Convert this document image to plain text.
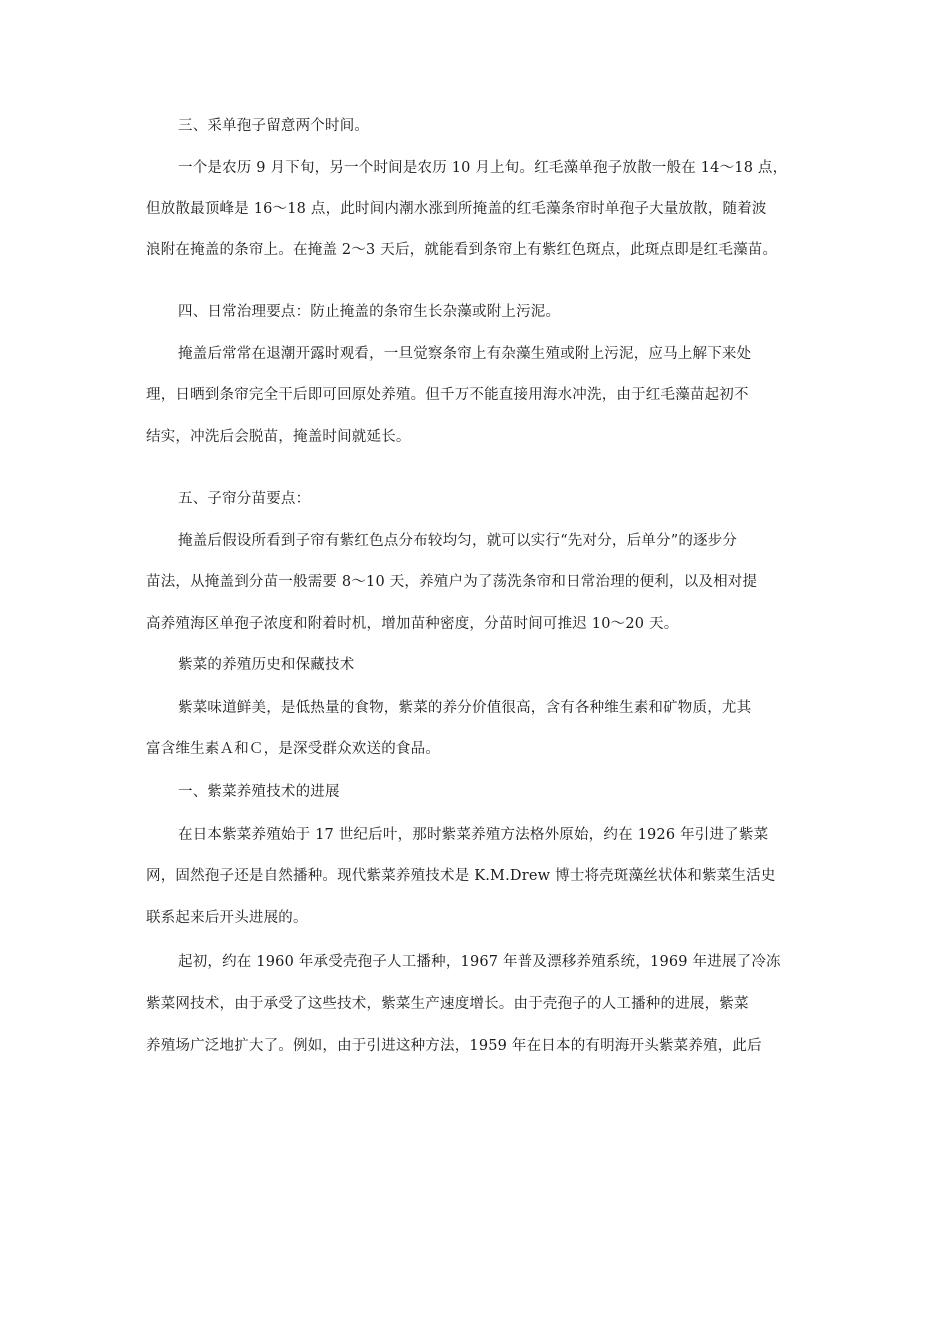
三、采单孢子留意两个时间。
一个是农历 9 月下旬，另一个时间是农历 10 月上旬。红毛藻单孢子放散一般在 14～18 点，
但放散最顶峰是 16～18 点，此时间内潮水涨到所掩盖的红毛藻条帘时单孢子大量放散，随着波
浪附在掩盖的条帘上。在掩盖 2～3 天后，就能看到条帘上有紫红色斑点，此斑点即是红毛藻苗。
四、日常治理要点：防止掩盖的条帘生长杂藻或附上污泥。
掩盖后常常在退潮开露时观看，一旦觉察条帘上有杂藻生殖或附上污泥，应马上解下来处
理，日晒到条帘完全干后即可回原处养殖。但千万不能直接用海水冲洗，由于红毛藻苗起初不
结实，冲洗后会脱苗，掩盖时间就延长。
五、子帘分苗要点：
掩盖后假设所看到子帘有紫红色点分布较均匀，就可以实行“先对分，后单分”的逐步分
苗法，从掩盖到分苗一般需要 8～10 天，养殖户为了荡洗条帘和日常治理的便利，以及相对提
高养殖海区单孢子浓度和附着时机，增加苗种密度，分苗时间可推迟 10～20 天。
紫菜的养殖历史和保藏技术
紫菜味道鲜美，是低热量的食物，紫菜的养分价值很高，含有各种维生素和矿物质，尤其
富含维生素Ａ和Ｃ，是深受群众欢送的食品。
一、紫菜养殖技术的进展
在日本紫菜养殖始于 17 世纪后叶，那时紫菜养殖方法格外原始，约在 1926 年引进了紫菜
网，固然孢子还是自然播种。现代紫菜养殖技术是 K.M.Drew 博士将壳斑藻丝状体和紫菜生活史
联系起来后开头进展的。
起初，约在 1960 年承受壳孢子人工播种，1967 年普及漂移养殖系统，1969 年进展了冷冻
紫菜网技术，由于承受了这些技术，紫菜生产速度增长。由于壳孢子的人工播种的进展，紫菜
养殖场广泛地扩大了。例如，由于引进这种方法，1959 年在日本的有明海开头紫菜养殖，此后
